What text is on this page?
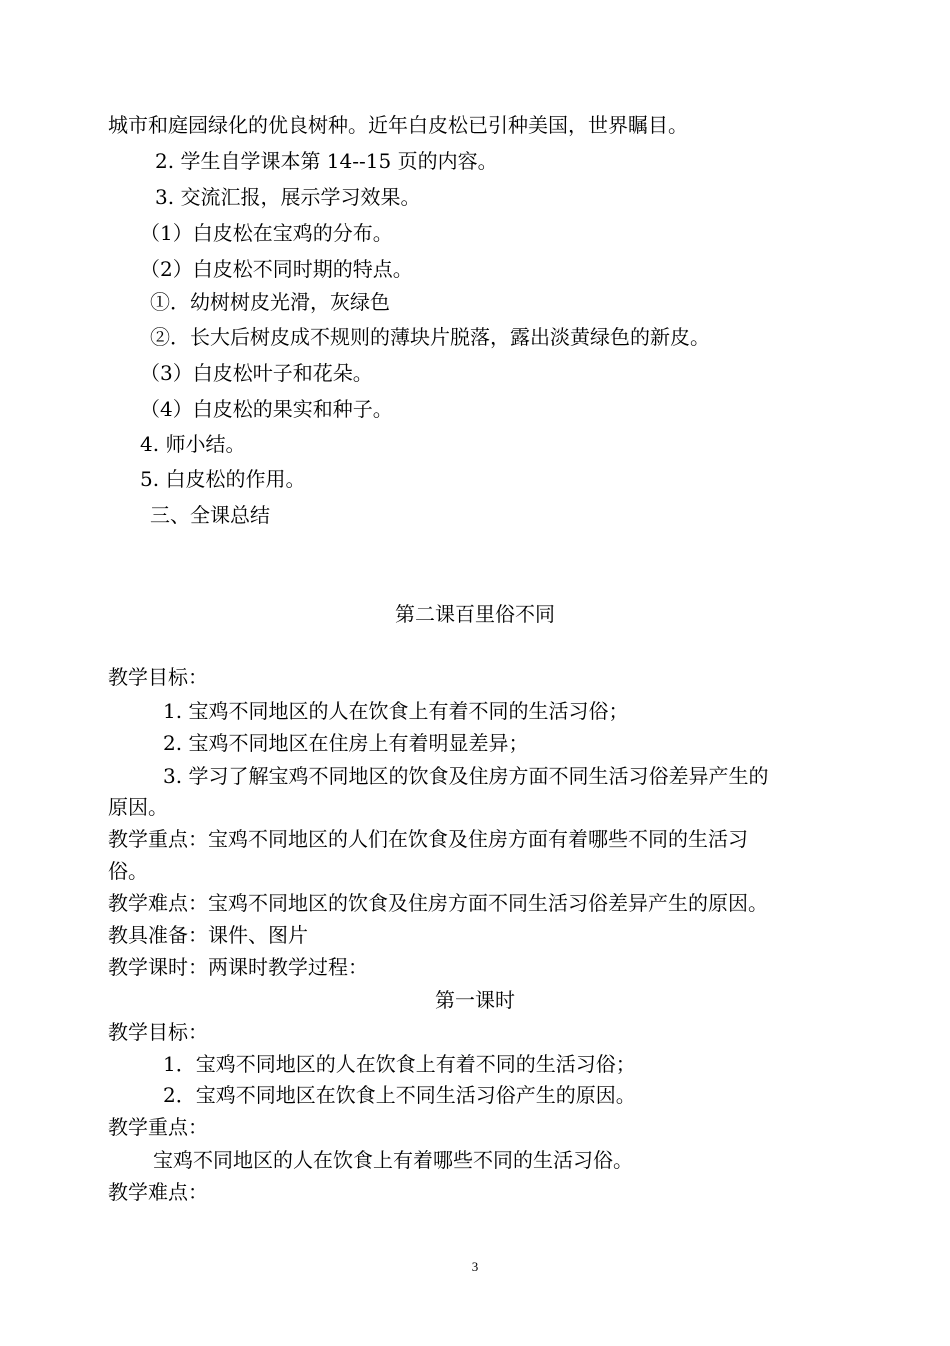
城市和庭园绿化的优良树种。近年白皮松已引种美国，世界瞩目。
2. 学生自学课本第 14--15 页的内容。
3. 交流汇报，展示学习效果。
（1）白皮松在宝鸡的分布。
（2）白皮松不同时期的特点。
①．幼树树皮光滑，灰绿色
②．长大后树皮成不规则的薄块片脱落，露出淡黄绿色的新皮。
（3）白皮松叶子和花朵。
（4）白皮松的果实和种子。
4. 师小结。
5. 白皮松的作用。
三、全课总结
第二课百里俗不同
教学目标：
1. 宝鸡不同地区的人在饮食上有着不同的生活习俗；
2. 宝鸡不同地区在住房上有着明显差异；
3. 学习了解宝鸡不同地区的饮食及住房方面不同生活习俗差异产生的
原因。
教学重点：宝鸡不同地区的人们在饮食及住房方面有着哪些不同的生活习
俗。
教学难点：宝鸡不同地区的饮食及住房方面不同生活习俗差异产生的原因。
教具准备：课件、图片
教学课时：两课时教学过程：
第一课时
教学目标：
1．宝鸡不同地区的人在饮食上有着不同的生活习俗；
2．宝鸡不同地区在饮食上不同生活习俗产生的原因。
教学重点：
宝鸡不同地区的人在饮食上有着哪些不同的生活习俗。
教学难点：
3
